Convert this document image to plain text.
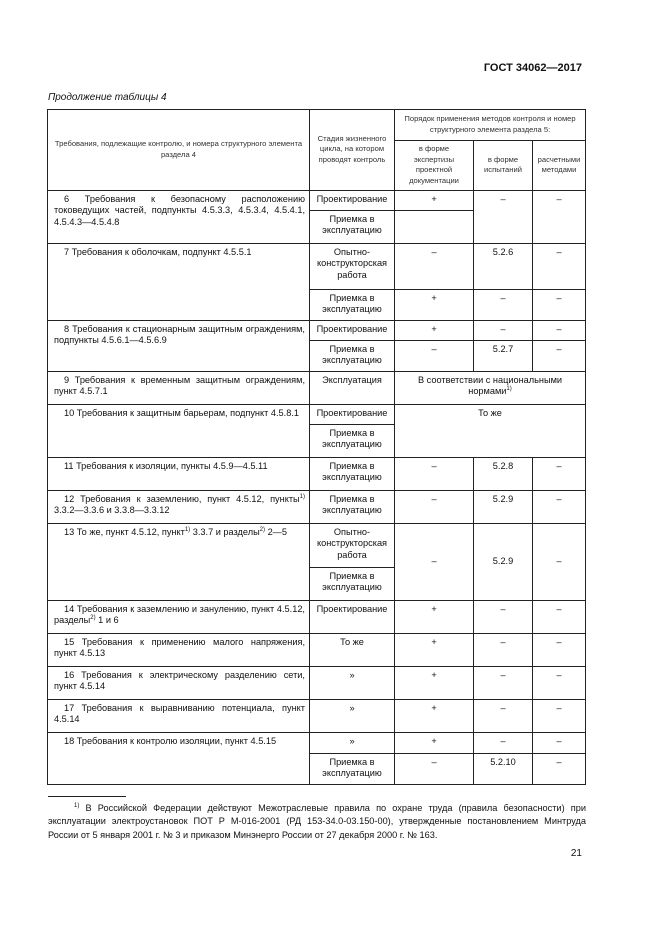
ГОСТ 34062—2017
Продолжение таблицы 4
Требования, подлежащие контролю, и номера структурного элемента раздела 4	Стадия жизненного цикла, на котором проводят контроль	Порядок применения методов контроля и номер структурного элемента раздела 5:		
		в форме экспертизы проектной документации	в форме испытаний	расчетными методами
6 Требования к безопасному расположению токоведущих частей, подпункты 4.5.3.3, 4.5.3.4, 4.5.4.1, 4.5.4.3—4.5.4.8	Проектирование	+	–	–
	Приемка в эксплуатацию			
7 Требования к оболочкам, подпункт 4.5.5.1	Опытно-конструкторская работа	–	5.2.6	–
	Приемка в эксплуатацию	+	–	–
8 Требования к стационарным защитным ограждениям, подпункты 4.5.6.1—4.5.6.9	Проектирование	+	–	–
	Приемка в эксплуатацию	–	5.2.7	–
9 Требования к временным защитным ограждениям, пункт 4.5.7.1	Эксплуатация	В соответствии с национальными нормами$^{1)}$
10 Требования к защитным барьерам, подпункт 4.5.8.1	Проектирование	То же		
	Приемка в эксплуатацию			
11 Требования к изоляции, пункты 4.5.9—4.5.11	Приемка в эксплуатацию	–	5.2.8	–
12 Требования к заземлению, пункт 4.5.12, пункты$^{1)}$ 3.3.2—3.3.6 и 3.3.8—3.3.12	Приемка в эксплуатацию	–	5.2.9	–
13 То же, пункт 4.5.12, пункт$^{1)}$ 3.3.7 и разделы$^{2)}$ 2—5	Опытно-конструкторская работа	–	5.2.9	–
	Приемка в эксплуатацию			
14 Требования к заземлению и занулению, пункт 4.5.12, разделы$^{2)}$ 1 и 6	Проектирование	+	–	–
15 Требования к применению малого напряжения, пункт 4.5.13	То же	+	–	–
16 Требования к электрическому разделению сети, пункт 4.5.14	»	+	–	–
17 Требования к выравниванию потенциала, пункт 4.5.14	»	+	–	–
18 Требования к контролю изоляции, пункт 4.5.15	»	+	–	–
	Приемка в эксплуатацию	–	5.2.10	–
$^{1)}$ В Российской Федерации действуют Межотраслевые правила по охране труда (правила безопасности) при эксплуатации электроустановок ПОТ Р М-016-2001 (РД 153-34.0-03.150-00), утвержденные постановлением Минтруда России от 5 января 2001 г. № 3 и приказом Минэнерго России от 27 декабря 2000 г. № 163.
21
